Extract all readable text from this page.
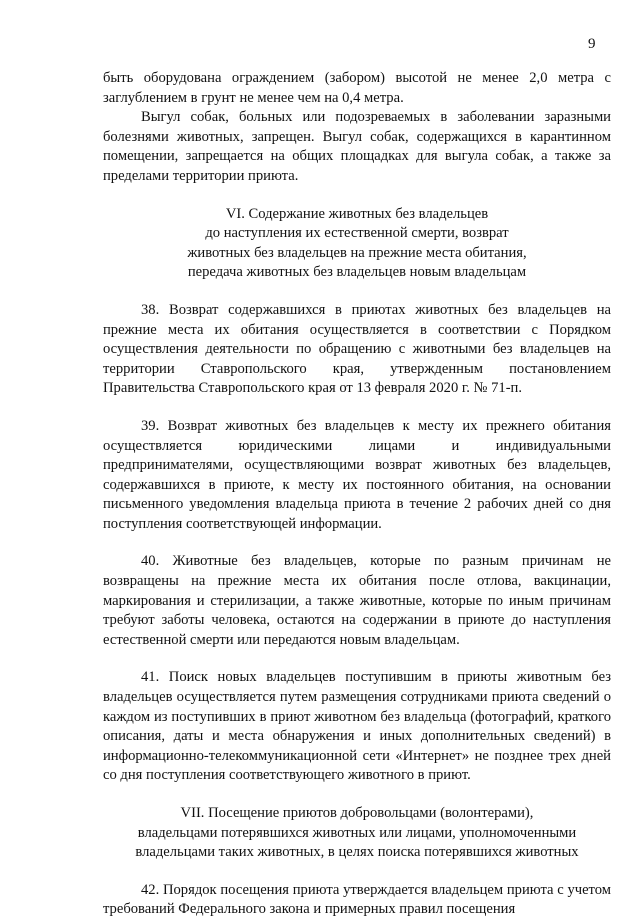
9

быть оборудована ограждением (забором) высотой не менее 2,0 метра с заглублением в грунт не менее чем на 0,4 метра.

Выгул собак, больных или подозреваемых в заболевании заразными болезнями животных, запрещен. Выгул собак, содержащихся в карантинном помещении, запрещается на общих площадках для выгула собак, а также за пределами территории приюта.

VI. Содержание животных без владельцев
до наступления их естественной смерти, возврат
животных без владельцев на прежние места обитания,
передача животных без владельцев новым владельцам

38. Возврат содержавшихся в приютах животных без владельцев на прежние места их обитания осуществляется в соответствии с Порядком осуществления деятельности по обращению с животными без владельцев на территории Ставропольского края, утвержденным постановлением Правительства Ставропольского края от 13 февраля 2020 г. № 71-п.

39. Возврат животных без владельцев к месту их прежнего обитания осуществляется юридическими лицами и индивидуальными предпринимателями, осуществляющими возврат животных без владельцев, содержавшихся в приюте, к месту их постоянного обитания, на основании письменного уведомления владельца приюта в течение 2 рабочих дней со дня поступления соответствующей информации.

40. Животные без владельцев, которые по разным причинам не возвращены на прежние места их обитания после отлова, вакцинации, маркирования и стерилизации, а также животные, которые по иным причинам требуют заботы человека, остаются на содержании в приюте до наступления естественной смерти или передаются новым владельцам.

41. Поиск новых владельцев поступившим в приюты животным без владельцев осуществляется путем размещения сотрудниками приюта сведений о каждом из поступивших в приют животном без владельца (фотографий, краткого описания, даты и места обнаружения и иных дополнительных сведений) в информационно-телекоммуникационной сети «Интернет» не позднее трех дней со дня поступления соответствующего животного в приют.

VII. Посещение приютов добровольцами (волонтерами),
владельцами потерявшихся животных или лицами, уполномоченными
владельцами таких животных, в целях поиска потерявшихся животных

42. Порядок посещения приюта утверждается владельцем приюта с учетом требований Федерального закона и примерных правил посещения
